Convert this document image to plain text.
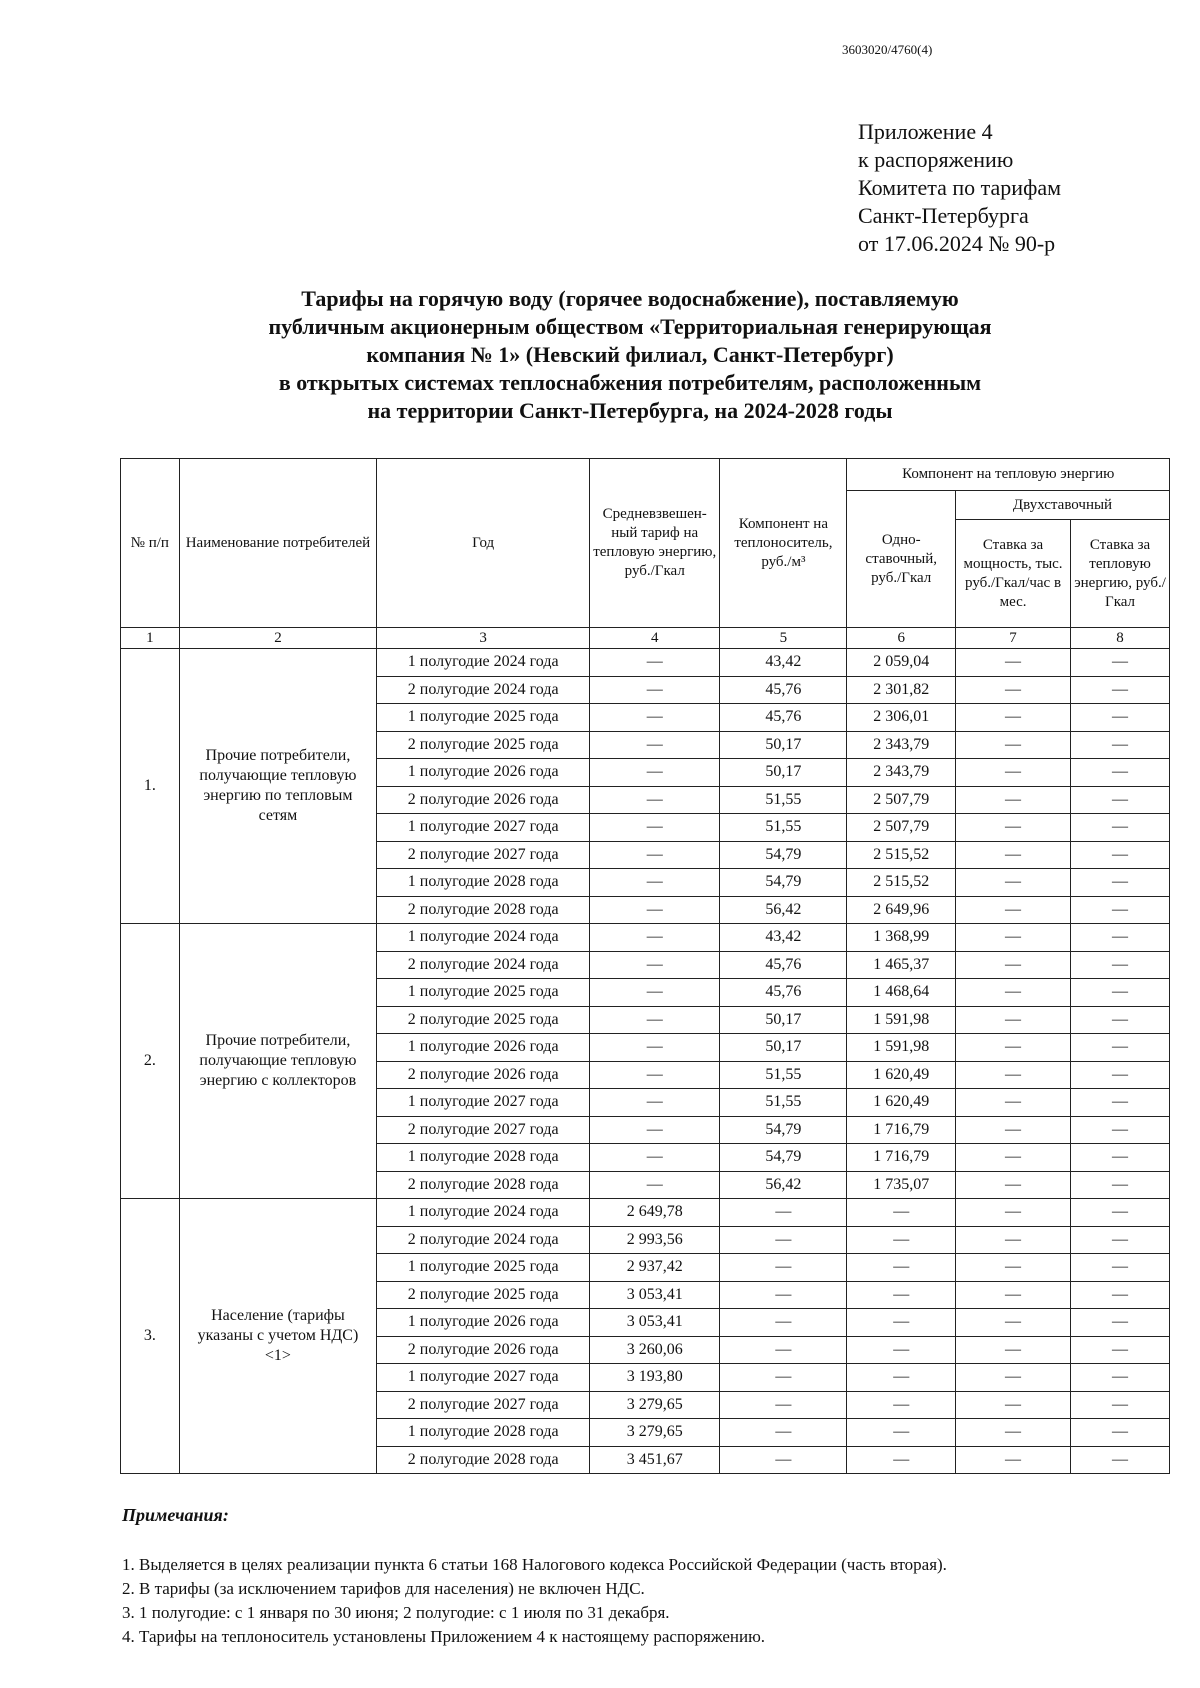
3603020/4760(4)
Приложение 4
к распоряжению
Комитета по тарифам
Санкт-Петербурга
от 17.06.2024 № 90-р
Тарифы на горячую воду (горячее водоснабжение), поставляемую
публичным акционерным обществом «Территориальная генерирующая
компания № 1» (Невский филиал, Санкт-Петербург)
в открытых системах теплоснабжения потребителям, расположенным
на территории Санкт-Петербурга, на 2024-2028 годы
№ п/п	Наименование потребителей	Год	Средневзвешен-ный тариф на тепловую энергию, руб./Гкал	Компонент на теплоноситель, руб./м³	Компонент на тепловую энергию		
					Одно-ставочный, руб./Гкал	Двухставочный	
						Ставка за мощность, тыс. руб./Гкал/час в мес.	Ставка за тепловую энергию, руб./Гкал
1	2	3	4	5	6	7	8
1.	Прочие потребители, получающие тепловую энергию по тепловым сетям	1 полугодие 2024 года	—	43,42	2 059,04	—	—
		2 полугодие 2024 года	—	45,76	2 301,82	—	—
		1 полугодие 2025 года	—	45,76	2 306,01	—	—
		2 полугодие 2025 года	—	50,17	2 343,79	—	—
		1 полугодие 2026 года	—	50,17	2 343,79	—	—
		2 полугодие 2026 года	—	51,55	2 507,79	—	—
		1 полугодие 2027 года	—	51,55	2 507,79	—	—
		2 полугодие 2027 года	—	54,79	2 515,52	—	—
		1 полугодие 2028 года	—	54,79	2 515,52	—	—
		2 полугодие 2028 года	—	56,42	2 649,96	—	—
2.	Прочие потребители, получающие тепловую энергию с коллекторов	1 полугодие 2024 года	—	43,42	1 368,99	—	—
		2 полугодие 2024 года	—	45,76	1 465,37	—	—
		1 полугодие 2025 года	—	45,76	1 468,64	—	—
		2 полугодие 2025 года	—	50,17	1 591,98	—	—
		1 полугодие 2026 года	—	50,17	1 591,98	—	—
		2 полугодие 2026 года	—	51,55	1 620,49	—	—
		1 полугодие 2027 года	—	51,55	1 620,49	—	—
		2 полугодие 2027 года	—	54,79	1 716,79	—	—
		1 полугодие 2028 года	—	54,79	1 716,79	—	—
		2 полугодие 2028 года	—	56,42	1 735,07	—	—
3.	Население (тарифы указаны с учетом НДС) <1>	1 полугодие 2024 года	2 649,78	—	—	—	—
		2 полугодие 2024 года	2 993,56	—	—	—	—
		1 полугодие 2025 года	2 937,42	—	—	—	—
		2 полугодие 2025 года	3 053,41	—	—	—	—
		1 полугодие 2026 года	3 053,41	—	—	—	—
		2 полугодие 2026 года	3 260,06	—	—	—	—
		1 полугодие 2027 года	3 193,80	—	—	—	—
		2 полугодие 2027 года	3 279,65	—	—	—	—
		1 полугодие 2028 года	3 279,65	—	—	—	—
		2 полугодие 2028 года	3 451,67	—	—	—	—
Примечания:
1. Выделяется в целях реализации пункта 6 статьи 168 Налогового кодекса Российской Федерации (часть вторая).
2. В тарифы (за исключением тарифов для населения) не включен НДС.
3. 1 полугодие: с 1 января по 30 июня; 2 полугодие: с 1 июля по 31 декабря.
4. Тарифы на теплоноситель установлены Приложением 4 к настоящему распоряжению.
